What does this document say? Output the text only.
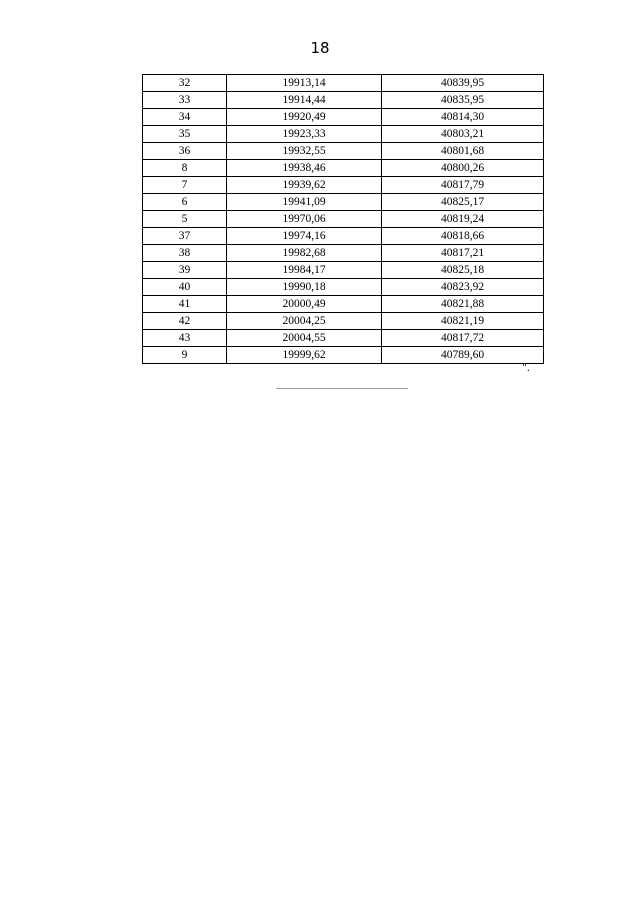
18
32	19913,14	40839,95
33	19914,44	40835,95
34	19920,49	40814,30
35	19923,33	40803,21
36	19932,55	40801,68
8	19938,46	40800,26
7	19939,62	40817,79
6	19941,09	40825,17
5	19970,06	40819,24
37	19974,16	40818,66
38	19982,68	40817,21
39	19984,17	40825,18
40	19990,18	40823,92
41	20000,49	40821,88
42	20004,25	40821,19
43	20004,55	40817,72
9	19999,62	40789,60
".
